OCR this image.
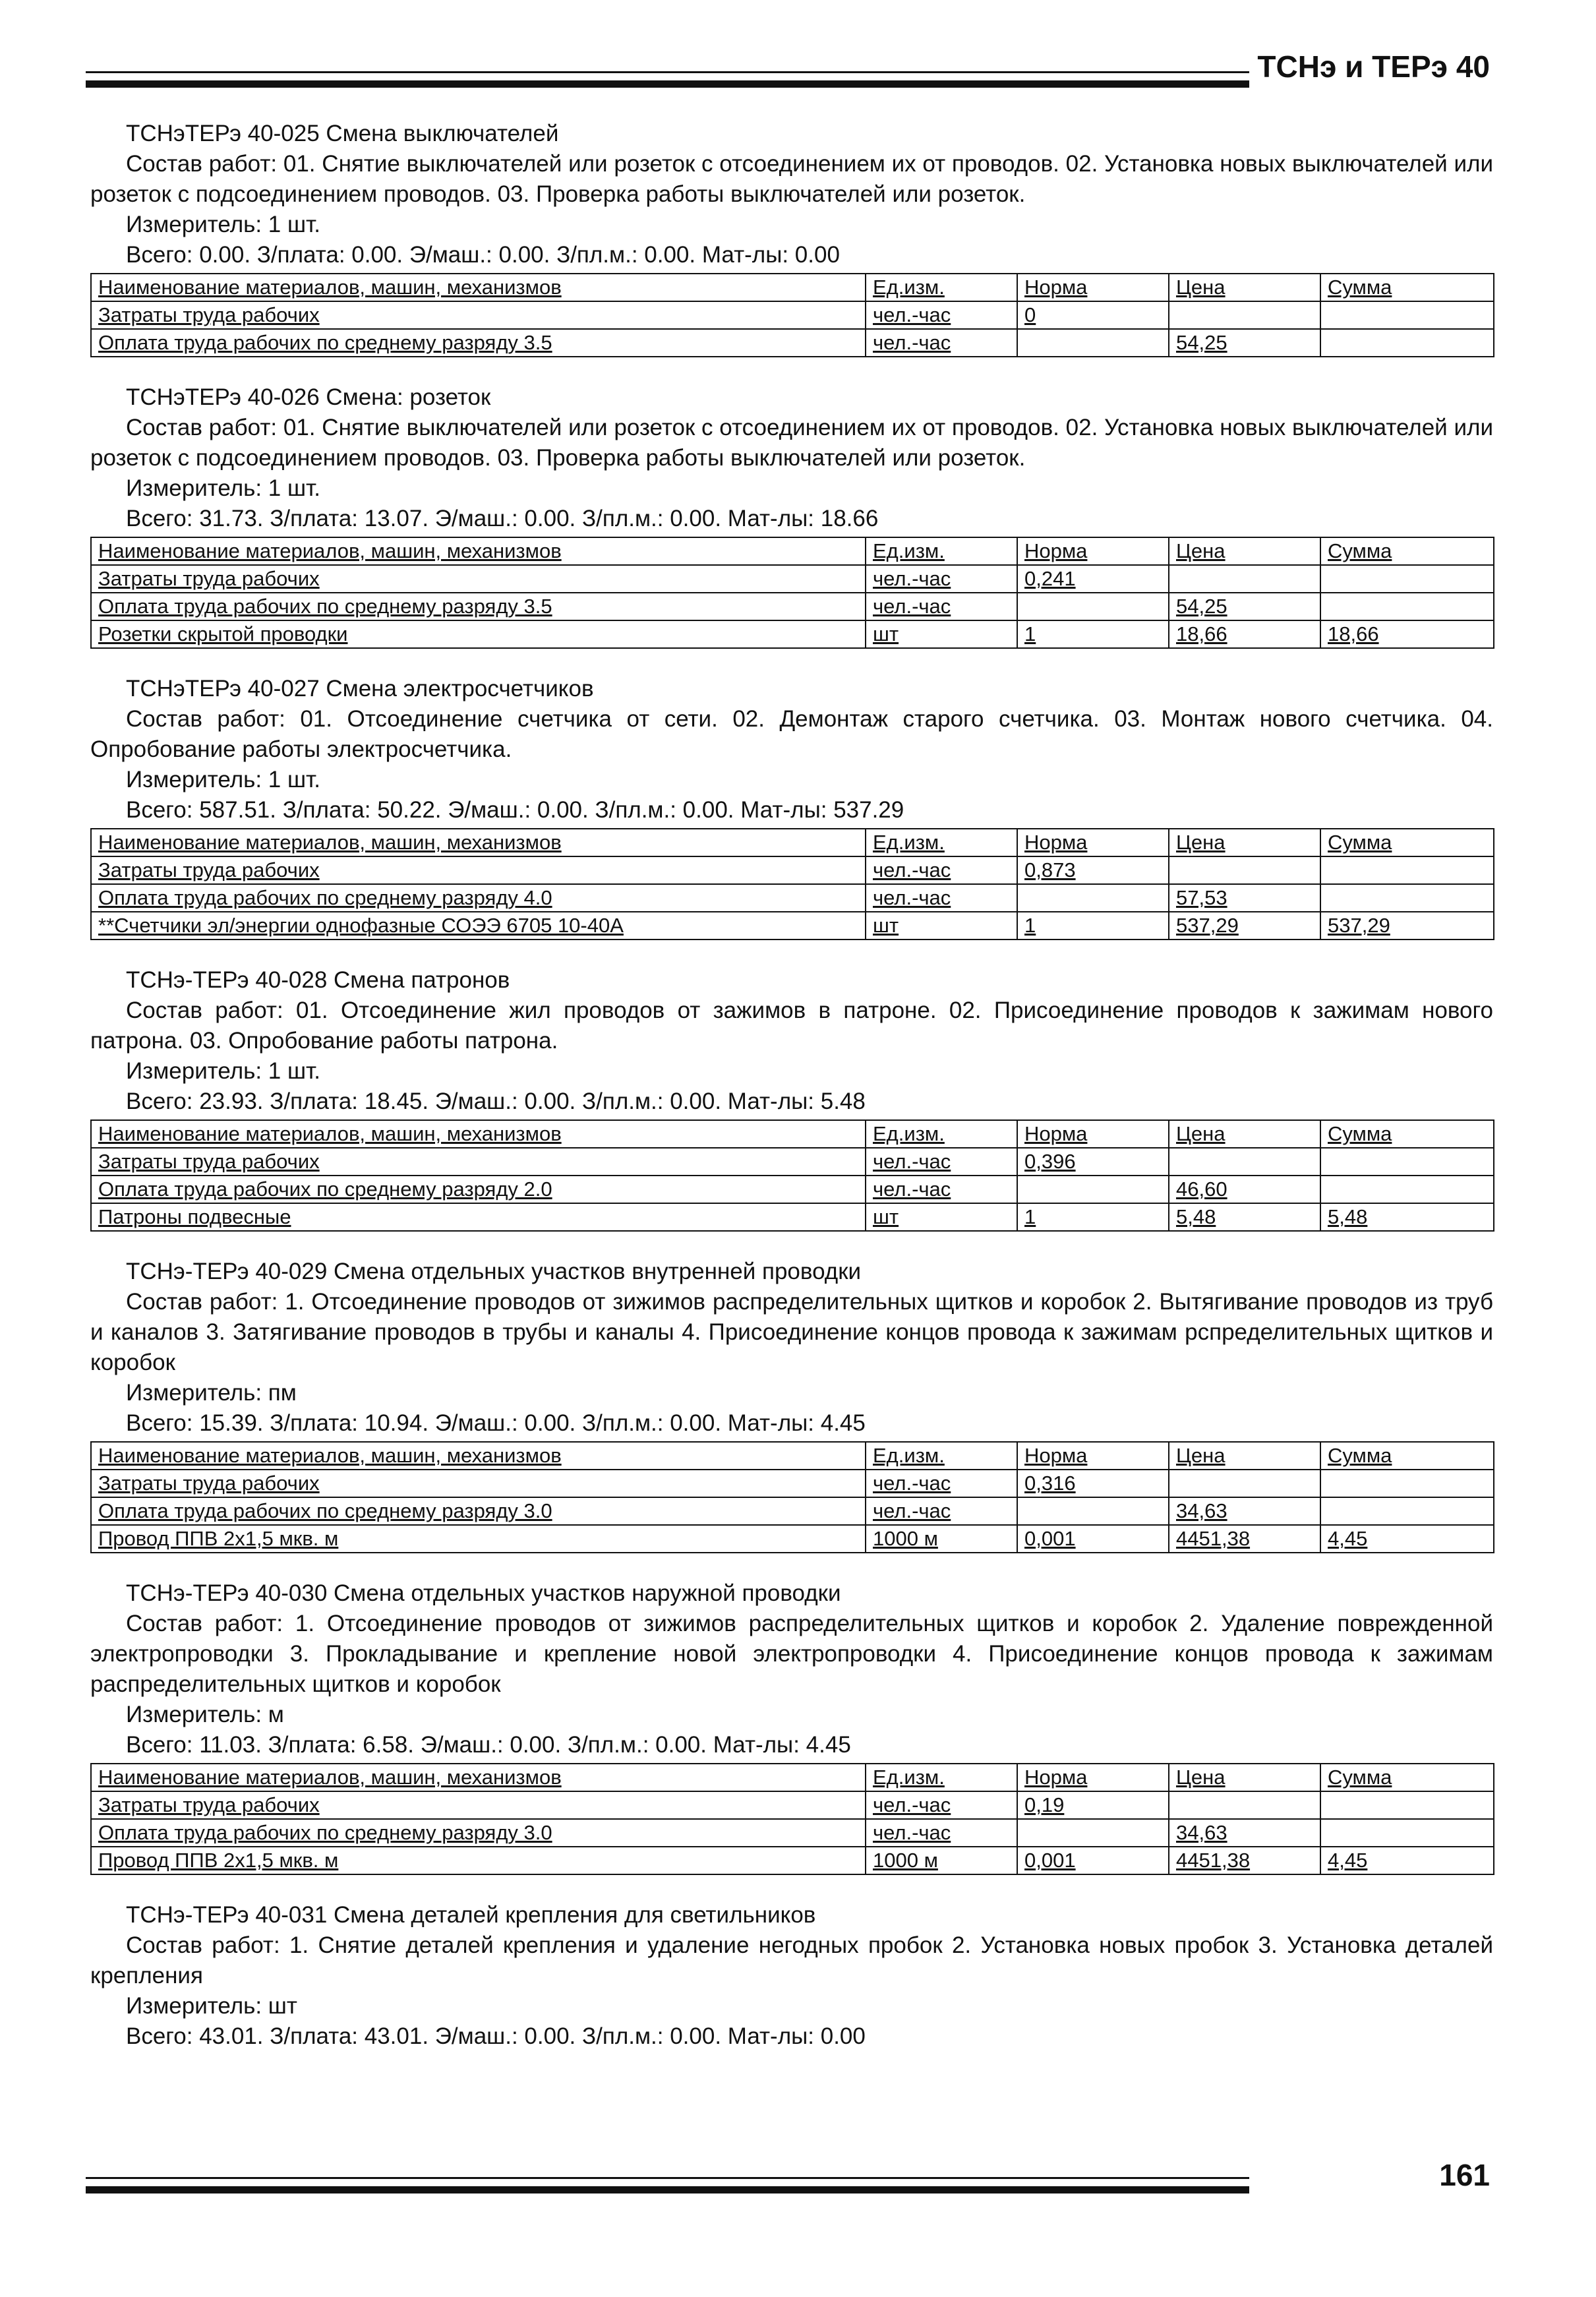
ТСНэ и ТЕРэ 40
ТСНэТЕРэ 40-025 Смена выключателей
Состав работ: 01. Снятие выключателей или розеток с отсоединением их от проводов. 02. Установка новых выключателей или розеток с подсоединением проводов. 03. Проверка работы выключателей или розеток.
Измеритель: 1 шт.
Всего: 0.00. З/плата: 0.00. Э/маш.: 0.00. З/пл.м.: 0.00. Мат-лы: 0.00
Наименование материалов, машин, механизмов	Ед.изм.	Норма	Цена	Сумма
Затраты труда рабочих	чел.-час	0		
Оплата труда рабочих по среднему разряду 3.5	чел.-час		54,25	
ТСНэТЕРэ 40-026 Смена: розеток
Состав работ: 01. Снятие выключателей или розеток с отсоединением их от проводов. 02. Установка новых выключателей или розеток с подсоединением проводов. 03. Проверка работы выключателей или розеток.
Измеритель: 1 шт.
Всего: 31.73. З/плата: 13.07. Э/маш.: 0.00. З/пл.м.: 0.00. Мат-лы: 18.66
Наименование материалов, машин, механизмов	Ед.изм.	Норма	Цена	Сумма
Затраты труда рабочих	чел.-час	0,241		
Оплата труда рабочих по среднему разряду 3.5	чел.-час		54,25	
Розетки скрытой проводки	шт	1	18,66	18,66
ТСНэТЕРэ 40-027 Смена электросчетчиков
Состав работ: 01. Отсоединение счетчика от сети. 02. Демонтаж старого счетчика. 03. Монтаж нового счетчика. 04. Опробование работы электросчетчика.
Измеритель: 1 шт.
Всего: 587.51. З/плата: 50.22. Э/маш.: 0.00. З/пл.м.: 0.00. Мат-лы: 537.29
Наименование материалов, машин, механизмов	Ед.изм.	Норма	Цена	Сумма
Затраты труда рабочих	чел.-час	0,873		
Оплата труда рабочих по среднему разряду 4.0	чел.-час		57,53	
**Счетчики эл/энергии однофазные СОЭЭ 6705 10-40А	шт	1	537,29	537,29
ТСНэ-ТЕРэ 40-028 Смена патронов
Состав работ: 01. Отсоединение жил проводов от зажимов в патроне. 02. Присоединение проводов к зажимам нового патрона. 03. Опробование работы патрона.
Измеритель: 1 шт.
Всего: 23.93. З/плата: 18.45. Э/маш.: 0.00. З/пл.м.: 0.00. Мат-лы: 5.48
Наименование материалов, машин, механизмов	Ед.изм.	Норма	Цена	Сумма
Затраты труда рабочих	чел.-час	0,396		
Оплата труда рабочих по среднему разряду 2.0	чел.-час		46,60	
Патроны подвесные	шт	1	5,48	5,48
ТСНэ-ТЕРэ 40-029 Смена отдельных участков внутренней проводки
Состав работ: 1. Отсоединение проводов от зижимов распределительных щитков и коробок 2. Вытягивание проводов из труб и каналов 3. Затягивание проводов в трубы и каналы 4. Присоединение концов провода к зажимам рспределительных щитков и коробок
Измеритель: пм
Всего: 15.39. З/плата: 10.94. Э/маш.: 0.00. З/пл.м.: 0.00. Мат-лы: 4.45
Наименование материалов, машин, механизмов	Ед.изм.	Норма	Цена	Сумма
Затраты труда рабочих	чел.-час	0,316		
Оплата труда рабочих по среднему разряду 3.0	чел.-час		34,63	
Провод ППВ 2х1,5 мкв. м	1000 м	0,001	4451,38	4,45
ТСНэ-ТЕРэ 40-030 Смена отдельных участков наружной проводки
Состав работ: 1. Отсоединение проводов от зижимов распределительных щитков и коробок 2. Удаление поврежденной электропроводки 3. Прокладывание и крепление новой электропроводки 4. Присоединение концов провода к зажимам распределительных щитков и коробок
Измеритель: м
Всего: 11.03. З/плата: 6.58. Э/маш.: 0.00. З/пл.м.: 0.00. Мат-лы: 4.45
Наименование материалов, машин, механизмов	Ед.изм.	Норма	Цена	Сумма
Затраты труда рабочих	чел.-час	0,19		
Оплата труда рабочих по среднему разряду 3.0	чел.-час		34,63	
Провод ППВ 2х1,5 мкв. м	1000 м	0,001	4451,38	4,45
ТСНэ-ТЕРэ 40-031 Смена деталей крепления для светильников
Состав работ: 1. Снятие деталей крепления и удаление негодных пробок 2. Установка новых пробок 3. Установка деталей крепления
Измеритель: шт
Всего: 43.01. З/плата: 43.01. Э/маш.: 0.00. З/пл.м.: 0.00. Мат-лы: 0.00
161
